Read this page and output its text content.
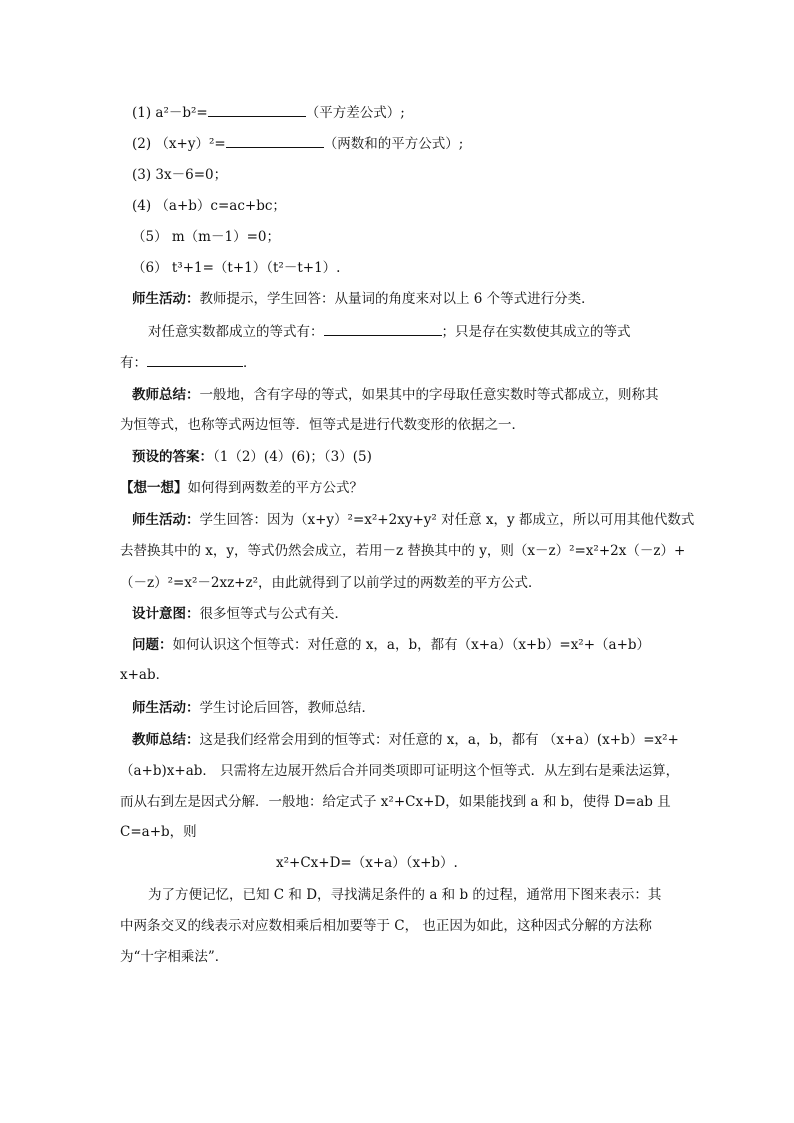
(1) a²－b²=	（平方差公式）;
(2) （x+y）²=	（两数和的平方公式）;
(3) 3x－6=0；
(4) （a+b）c=ac+bc；
（5） m（m－1）=0；
（6） t³+1=（t+1）（t²－t+1）.
师生活动：教师提示，学生回答：从量词的角度来对以上 6 个等式进行分类．
对任意实数都成立的等式有：	；只是存在实数使其成立的等式
有：	．
教师总结：一般地，含有字母的等式，如果其中的字母取任意实数时等式都成立，则称其
为恒等式，也称等式两边恒等．恒等式是进行代数变形的依据之一．
预设的答案：（1（2）(4）(6)；（3）(5)
【想一想】如何得到两数差的平方公式？
师生活动：学生回答：因为（x+y）²=x²+2xy+y² 对任意 x，y 都成立，所以可用其他代数式
去替换其中的 x，y，等式仍然会成立，若用－z 替换其中的 y，则（x－z）²=x²+2x（－z）+
（－z）²=x²－2xz+z²，由此就得到了以前学过的两数差的平方公式．
设计意图：很多恒等式与公式有关．
问题：如何认识这个恒等式：对任意的 x，a，b，都有（x+a）（x+b）=x²+（a+b）
x+ab．
师生活动：学生讨论后回答，教师总结．
教师总结：这是我们经常会用到的恒等式：对任意的 x，a，b，都有 （x+a）(x+b）=x²+
（a+b)x+ab． 只需将左边展开然后合并同类项即可证明这个恒等式．从左到右是乘法运算，
而从右到左是因式分解．一般地：给定式子 x²+Cx+D，如果能找到 a 和 b，使得 D=ab 且
C=a+b，则
x²+Cx+D=（x+a）（x+b）.
为了方便记忆，已知 C 和 D，寻找满足条件的 a 和 b 的过程，通常用下图来表示：其
中两条交叉的线表示对应数相乘后相加要等于 C， 也正因为如此，这种因式分解的方法称
为“十字相乘法”．
